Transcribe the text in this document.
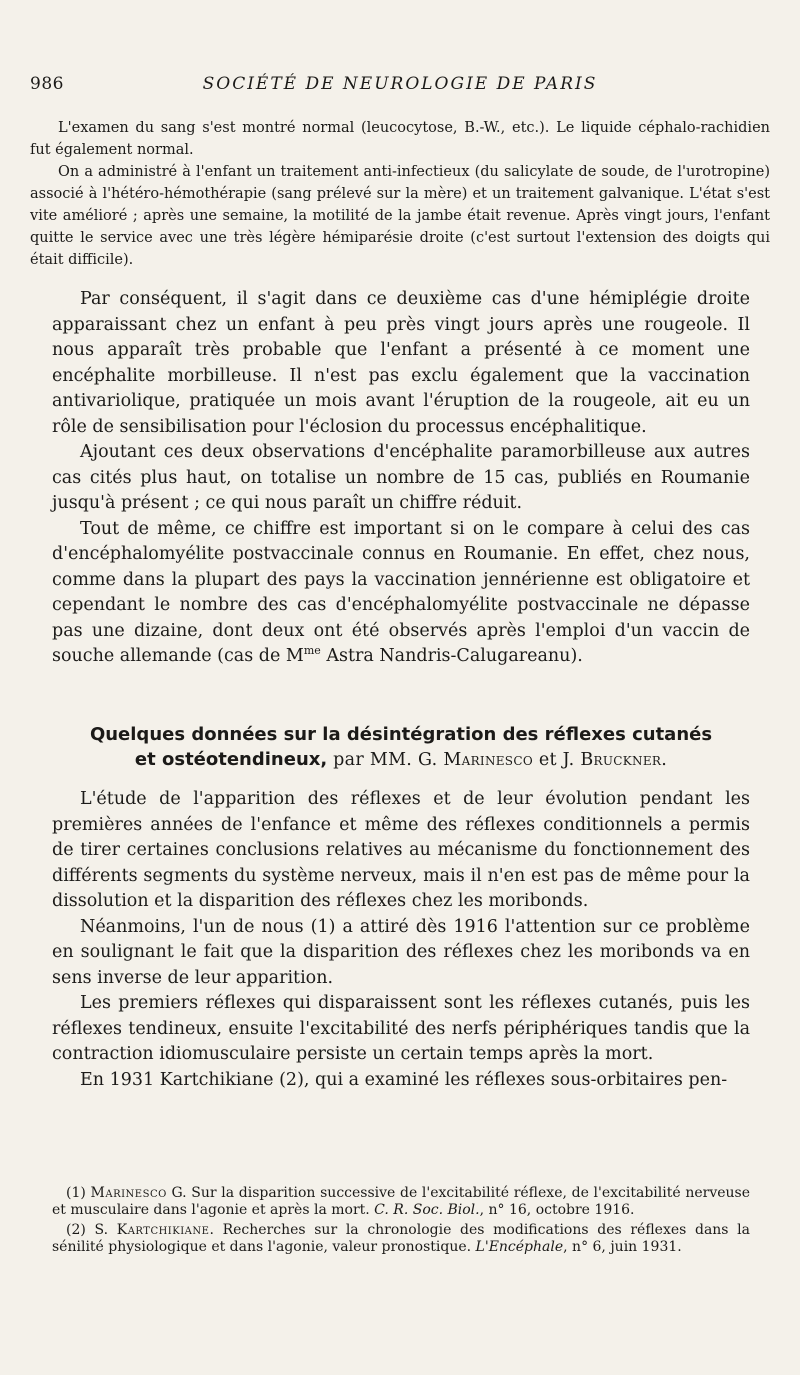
986	SOCIÉTÉ DE NEUROLOGIE DE PARIS

L'examen du sang s'est montré normal (leucocytose, B.-W., etc.). Le liquide céphalo-rachidien fut également normal.

On a administré à l'enfant un traitement anti-infectieux (du salicylate de soude, de l'urotropine) associé à l'hétéro-hémothérapie (sang prélevé sur la mère) et un traitement galvanique. L'état s'est vite amélioré ; après une semaine, la motilité de la jambe était revenue. Après vingt jours, l'enfant quitte le service avec une très légère hémiparésie droite (c'est surtout l'extension des doigts qui était difficile).

Par conséquent, il s'agit dans ce deuxième cas d'une hémiplégie droite apparaissant chez un enfant à peu près vingt jours après une rougeole. Il nous apparaît très probable que l'enfant a présenté à ce moment une encéphalite morbilleuse. Il n'est pas exclu également que la vaccination antivariolique, pratiquée un mois avant l'éruption de la rougeole, ait eu un rôle de sensibilisation pour l'éclosion du processus encéphalitique.

Ajoutant ces deux observations d'encéphalite paramorbilleuse aux autres cas cités plus haut, on totalise un nombre de 15 cas, publiés en Roumanie jusqu'à présent ; ce qui nous paraît un chiffre réduit.

Tout de même, ce chiffre est important si on le compare à celui des cas d'encéphalomyélite postvaccinale connus en Roumanie. En effet, chez nous, comme dans la plupart des pays la vaccination jennérienne est obligatoire et cependant le nombre des cas d'encéphalomyélite postvaccinale ne dépasse pas une dizaine, dont deux ont été observés après l'emploi d'un vaccin de souche allemande (cas de $M^{me}$ Astra Nandris-Calugareanu).

Quelques données sur la désintégration des réflexes cutanés
et ostéotendineux, par MM. G. Marinesco et J. Bruckner.

L'étude de l'apparition des réflexes et de leur évolution pendant les premières années de l'enfance et même des réflexes conditionnels a permis de tirer certaines conclusions relatives au mécanisme du fonctionnement des différents segments du système nerveux, mais il n'en est pas de même pour la dissolution et la disparition des réflexes chez les moribonds.

Néanmoins, l'un de nous (1) a attiré dès 1916 l'attention sur ce problème en soulignant le fait que la disparition des réflexes chez les moribonds va en sens inverse de leur apparition.

Les premiers réflexes qui disparaissent sont les réflexes cutanés, puis les réflexes tendineux, ensuite l'excitabilité des nerfs périphériques tandis que la contraction idiomusculaire persiste un certain temps après la mort.

En 1931 Kartchikiane (2), qui a examiné les réflexes sous-orbitaires pen-

(1) Marinesco G. Sur la disparition successive de l'excitabilité réflexe, de l'excitabilité nerveuse et musculaire dans l'agonie et après la mort. C. R. Soc. Biol., n° 16, octobre 1916.

(2) S. Kartchikiane. Recherches sur la chronologie des modifications des réflexes dans la sénilité physiologique et dans l'agonie, valeur pronostique. L'Encéphale, n° 6, juin 1931.
